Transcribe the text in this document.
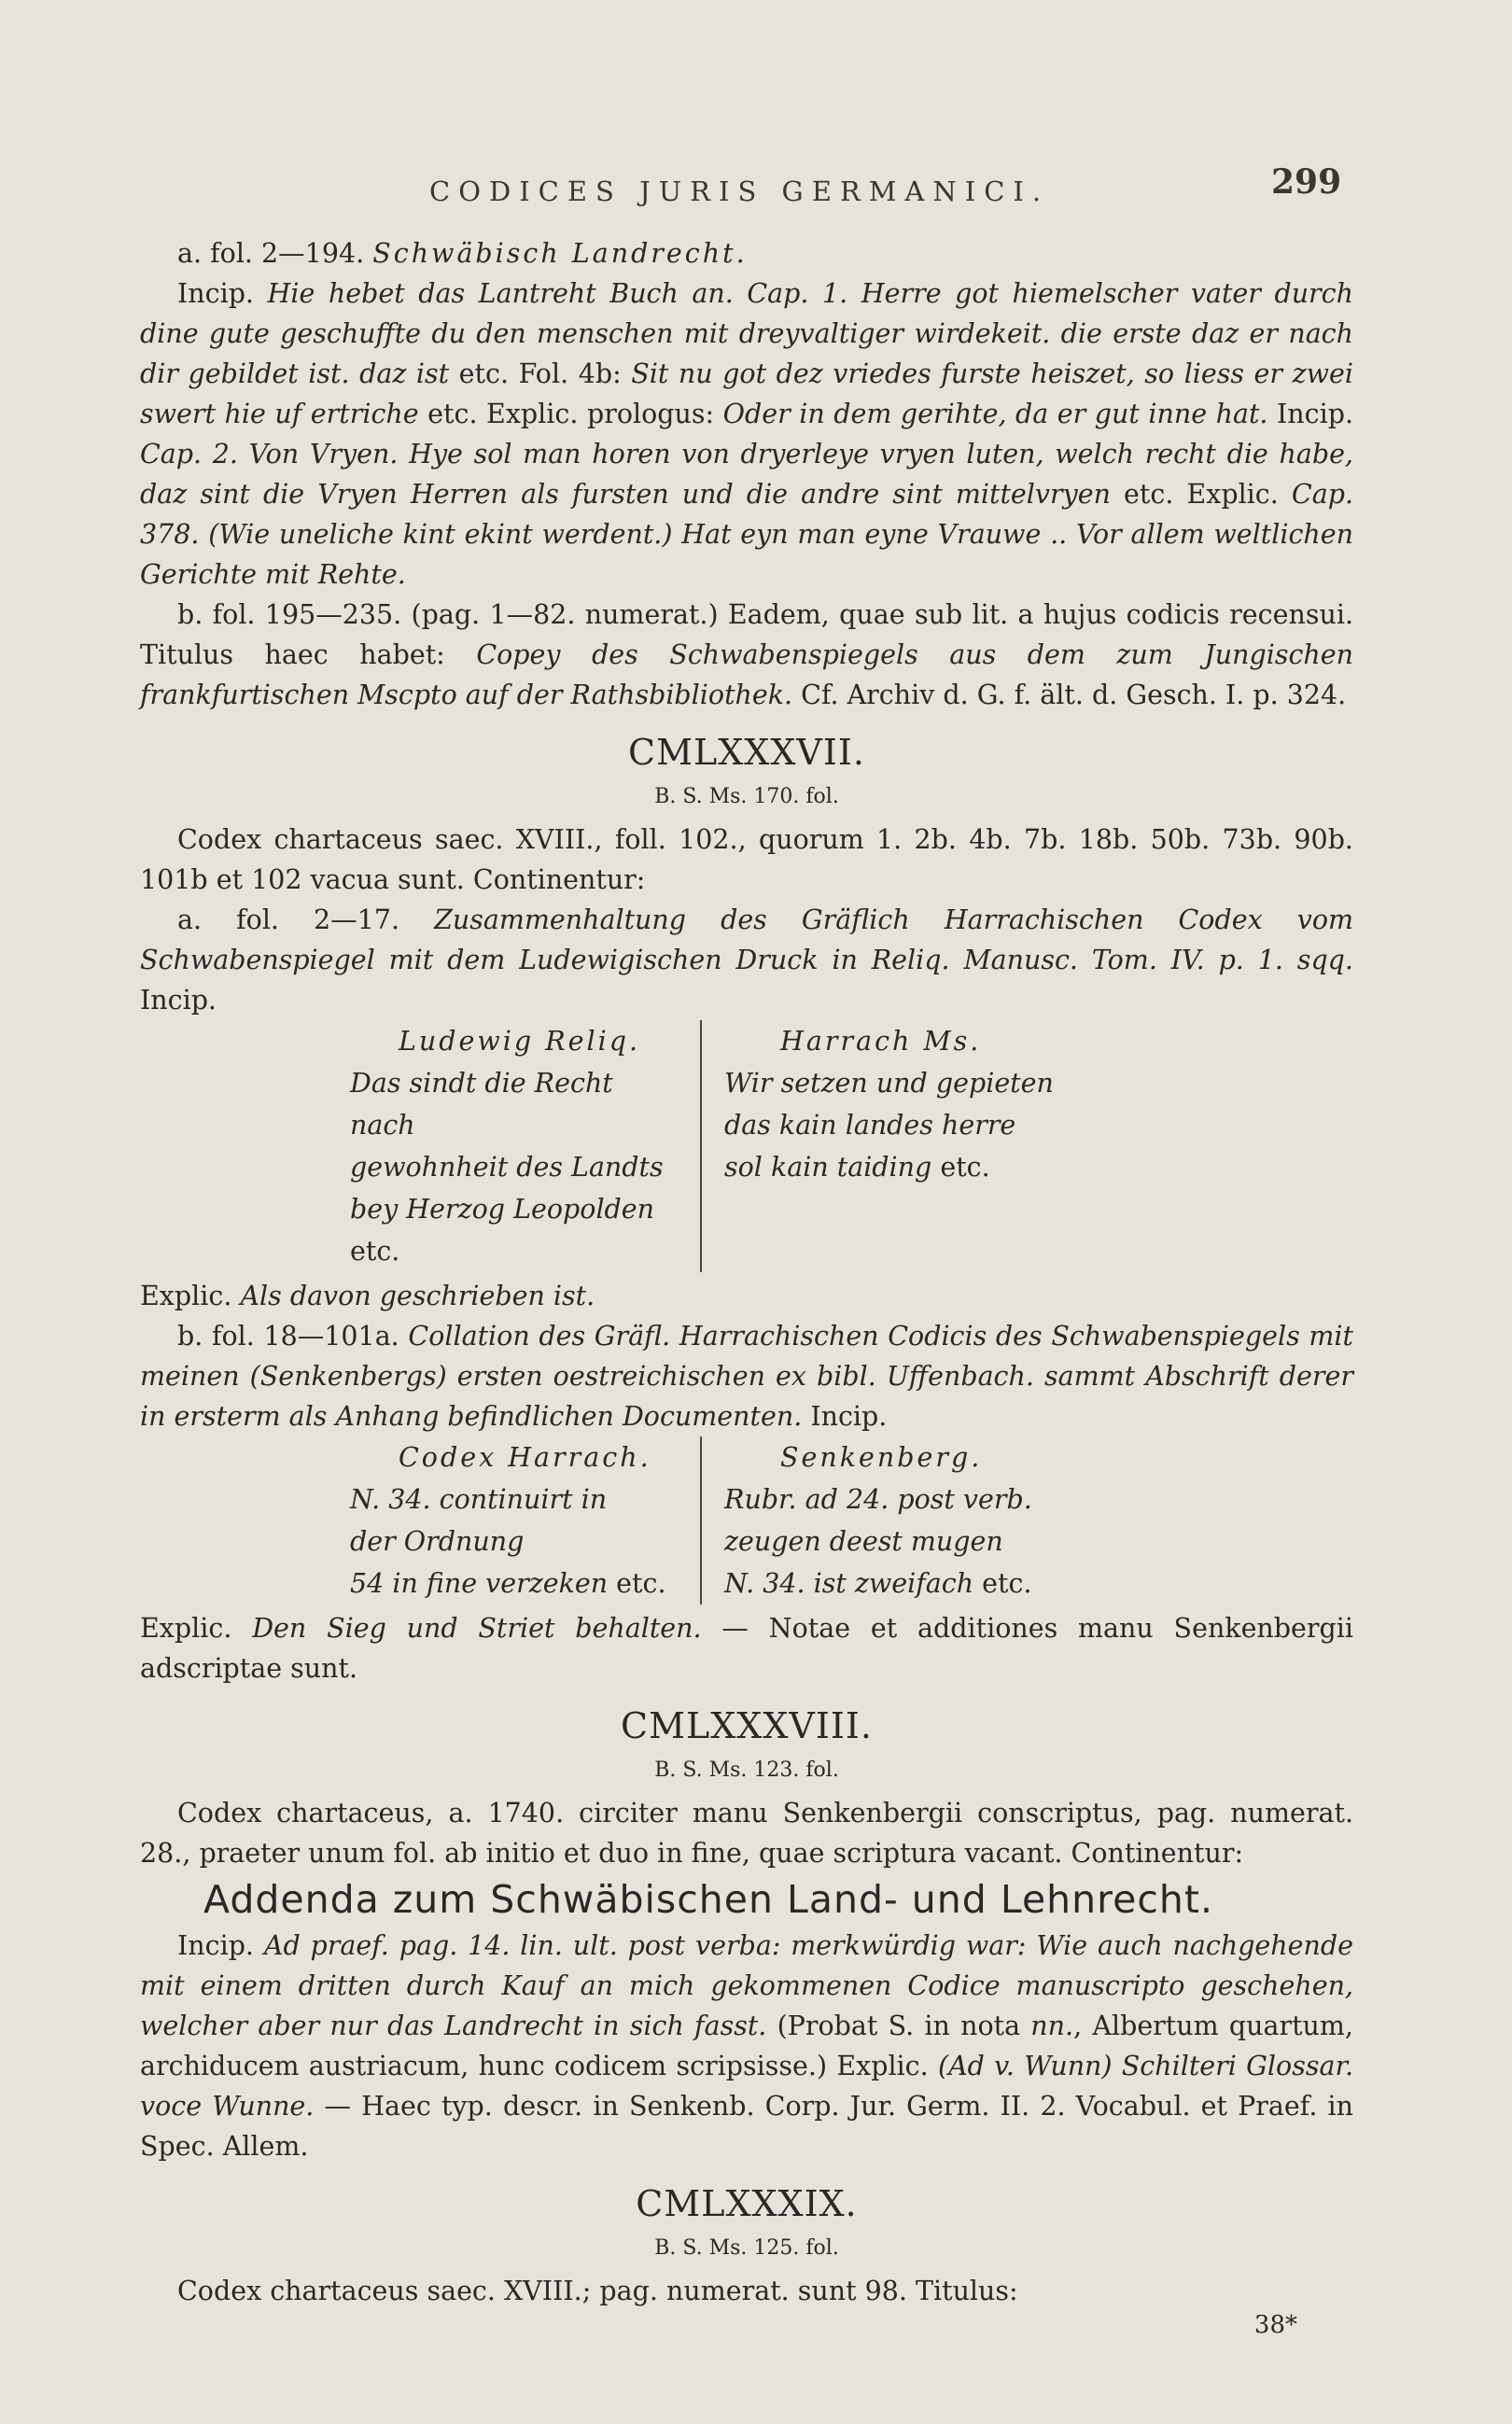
CODICES JURIS GERMANICI.	299

a. fol. 2—194. Schwäbisch Landrecht.

Incip. Hie hebet das Lantreht Buch an. Cap. 1. Herre got hiemelscher vater durch dine gute geschuffte du den menschen mit dreyvaltiger wirdekeit. die erste daz er nach dir gebildet ist. daz ist etc. Fol. 4b: Sit nu got dez vriedes furste heiszet, so liess er zwei swert hie uf ertriche etc. Explic. prologus: Oder in dem gerihte, da er gut inne hat. Incip. Cap. 2. Von Vryen. Hye sol man horen von dryerleye vryen luten, welch recht die habe, daz sint die Vryen Herren als fursten und die andre sint mittelvryen etc. Explic. Cap. 378. (Wie uneliche kint ekint werdent.) Hat eyn man eyne Vrauwe .. Vor allem weltlichen Gerichte mit Rehte.

b. fol. 195—235. (pag. 1—82. numerat.) Eadem, quae sub lit. a hujus codicis recensui. Titulus haec habet: Copey des Schwabenspiegels aus dem zum Jungischen frankfurtischen Mscpto auf der Rathsbibliothek. Cf. Archiv d. G. f. ält. d. Gesch. I. p. 324.

CMLXXXVII.
B. S. Ms. 170. fol.

Codex chartaceus saec. XVIII., foll. 102., quorum 1. 2b. 4b. 7b. 18b. 50b. 73b. 90b. 101b et 102 vacua sunt. Continentur:

a. fol. 2—17. Zusammenhaltung des Gräflich Harrachischen Codex vom Schwabenspiegel mit dem Ludewigischen Druck in Reliq. Manusc. Tom. IV. p. 1. sqq. Incip.

Ludewig Reliq.
Das sindt die Recht nach
gewohnheit des Landts
bey Herzog Leopolden etc.
Harrach Ms.
Wir setzen und gepieten
das kain landes herre
sol kain taiding etc.

Explic. Als davon geschrieben ist.

b. fol. 18—101a. Collation des Gräfl. Harrachischen Codicis des Schwabenspiegels mit meinen (Senkenbergs) ersten oestreichischen ex bibl. Uffenbach. sammt Abschrift derer in ersterm als Anhang befindlichen Documenten. Incip.

Codex Harrach.
N. 34. continuirt in
der Ordnung
54 in fine verzeken etc.
Senkenberg.
Rubr. ad 24. post verb.
zeugen deest mugen
N. 34. ist zweifach etc.

Explic. Den Sieg und Striet behalten. — Notae et additiones manu Senkenbergii adscriptae sunt.

CMLXXXVIII.
B. S. Ms. 123. fol.

Codex chartaceus, a. 1740. circiter manu Senkenbergii conscriptus, pag. numerat. 28., praeter unum fol. ab initio et duo in fine, quae scriptura vacant. Continentur:

Addenda zum Schwäbischen Land- und Lehnrecht.

Incip. Ad praef. pag. 14. lin. ult. post verba: merkwürdig war: Wie auch nachgehende mit einem dritten durch Kauf an mich gekommenen Codice manuscripto geschehen, welcher aber nur das Landrecht in sich fasst. (Probat S. in nota nn., Albertum quartum, archiducem austriacum, hunc codicem scripsisse.) Explic. (Ad v. Wunn) Schilteri Glossar. voce Wunne. — Haec typ. descr. in Senkenb. Corp. Jur. Germ. II. 2. Vocabul. et Praef. in Spec. Allem.

CMLXXXIX.
B. S. Ms. 125. fol.

Codex chartaceus saec. XVIII.; pag. numerat. sunt 98. Titulus:

38*
